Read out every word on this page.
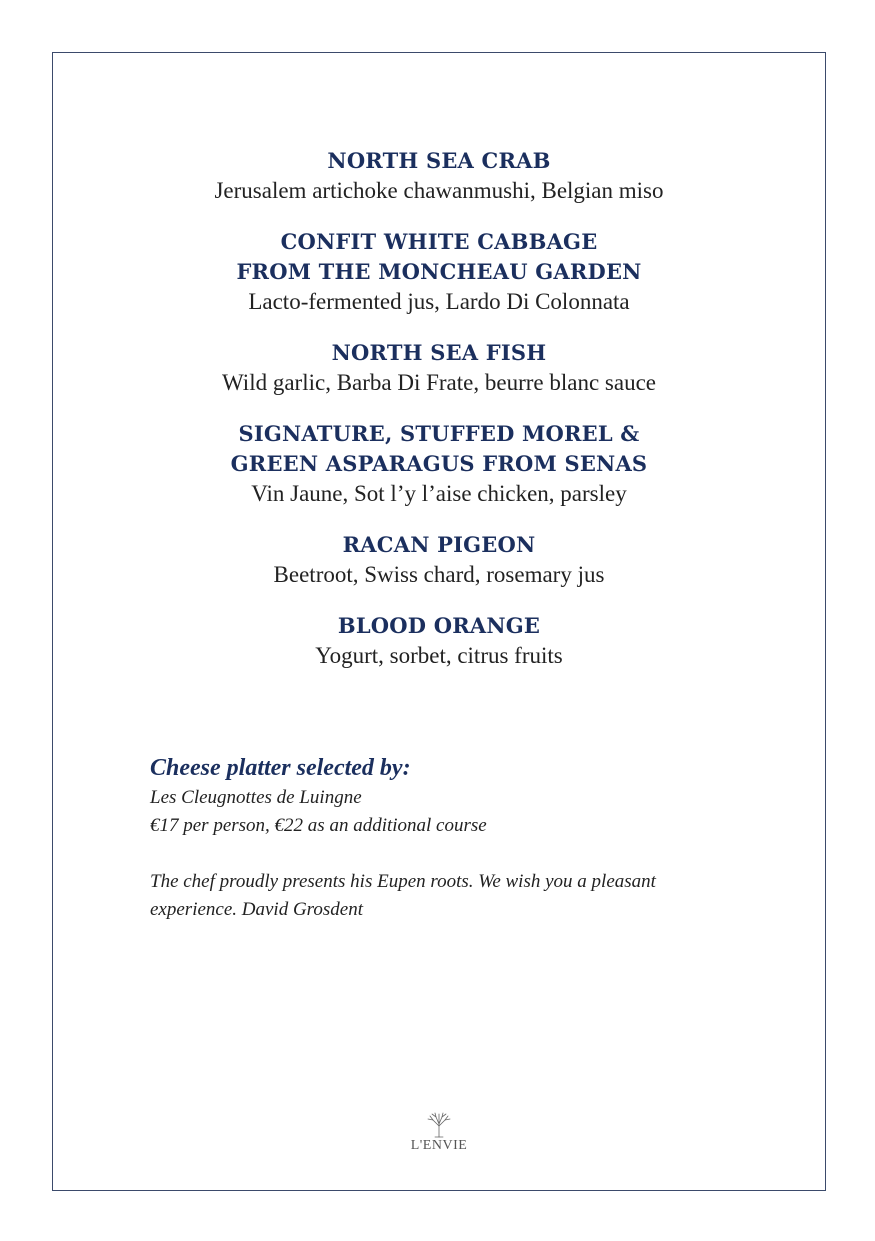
NORTH SEA CRAB
Jerusalem artichoke chawanmushi, Belgian miso
CONFIT WHITE CABBAGE
FROM THE MONCHEAU GARDEN
Lacto-fermented jus, Lardo Di Colonnata
NORTH SEA FISH
Wild garlic, Barba Di Frate, beurre blanc sauce
SIGNATURE, STUFFED MOREL &
GREEN ASPARAGUS FROM SENAS
Vin Jaune, Sot l’y l’aise chicken, parsley
RACAN PIGEON
Beetroot, Swiss chard, rosemary jus
BLOOD ORANGE
Yogurt, sorbet, citrus fruits
Cheese platter selected by:
Les Cleugnottes de Luingne
€17 per person, €22 as an additional course
The chef proudly presents his Eupen roots. We wish you a pleasant experience. David Grosdent
L'ENVIE
